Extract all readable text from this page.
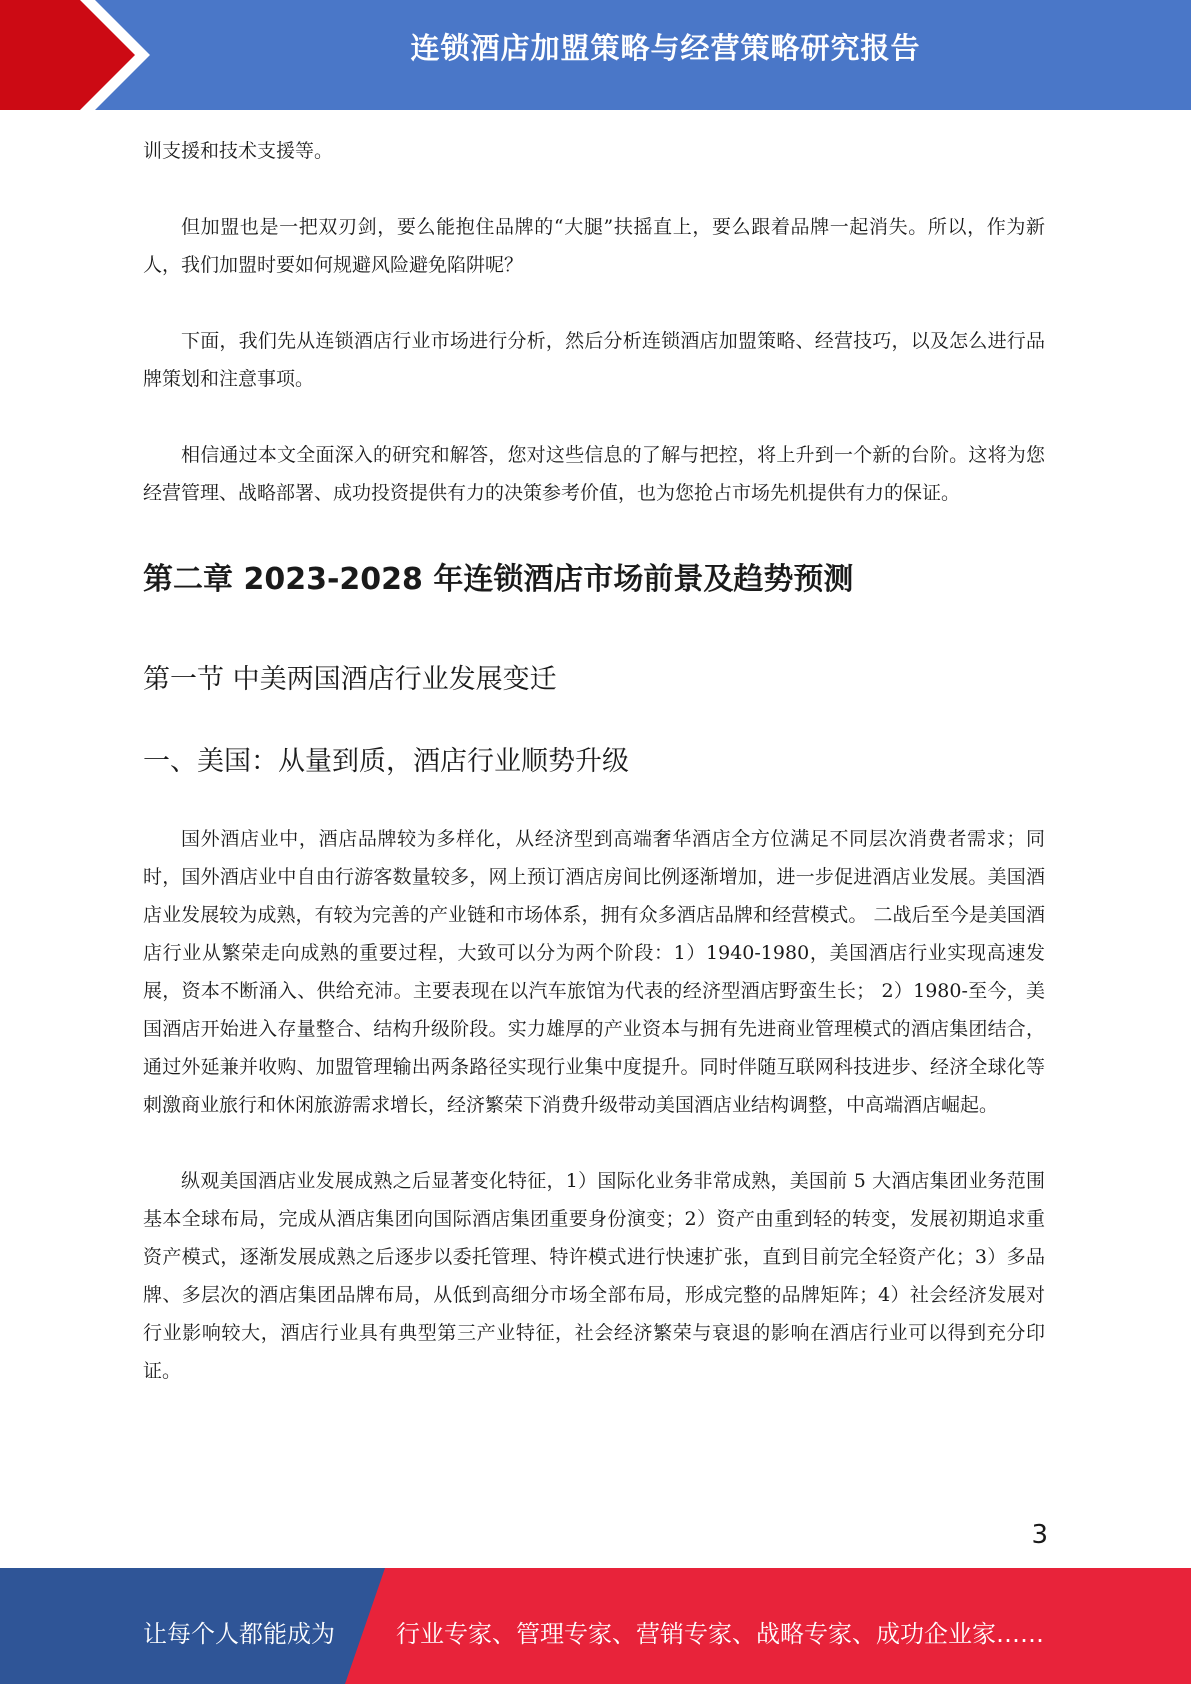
连锁酒店加盟策略与经营策略研究报告

训支援和技术支援等。

但加盟也是一把双刃剑，要么能抱住品牌的“大腿”扶摇直上，要么跟着品牌一起消失。所以，作为新人，我们加盟时要如何规避风险避免陷阱呢？

下面，我们先从连锁酒店行业市场进行分析，然后分析连锁酒店加盟策略、经营技巧，以及怎么进行品牌策划和注意事项。

相信通过本文全面深入的研究和解答，您对这些信息的了解与把控，将上升到一个新的台阶。这将为您经营管理、战略部署、成功投资提供有力的决策参考价值，也为您抢占市场先机提供有力的保证。

第二章 2023-2028 年连锁酒店市场前景及趋势预测
第一节 中美两国酒店行业发展变迁
一、美国：从量到质，酒店行业顺势升级

国外酒店业中，酒店品牌较为多样化，从经济型到高端奢华酒店全方位满足不同层次消费者需求；同时，国外酒店业中自由行游客数量较多，网上预订酒店房间比例逐渐增加，进一步促进酒店业发展。美国酒店业发展较为成熟，有较为完善的产业链和市场体系，拥有众多酒店品牌和经营模式。 二战后至今是美国酒店行业从繁荣走向成熟的重要过程，大致可以分为两个阶段：1）1940-1980，美国酒店行业实现高速发展，资本不断涌入、供给充沛。主要表现在以汽车旅馆为代表的经济型酒店野蛮生长； 2）1980-至今，美国酒店开始进入存量整合、结构升级阶段。实力雄厚的产业资本与拥有先进商业管理模式的酒店集团结合，通过外延兼并收购、加盟管理输出两条路径实现行业集中度提升。同时伴随互联网科技进步、经济全球化等刺激商业旅行和休闲旅游需求增长，经济繁荣下消费升级带动美国酒店业结构调整，中高端酒店崛起。

纵观美国酒店业发展成熟之后显著变化特征，1）国际化业务非常成熟，美国前 5 大酒店集团业务范围基本全球布局，完成从酒店集团向国际酒店集团重要身份演变；2）资产由重到轻的转变，发展初期追求重资产模式，逐渐发展成熟之后逐步以委托管理、特许模式进行快速扩张，直到目前完全轻资产化；3）多品牌、多层次的酒店集团品牌布局，从低到高细分市场全部布局，形成完整的品牌矩阵；4）社会经济发展对行业影响较大，酒店行业具有典型第三产业特征，社会经济繁荣与衰退的影响在酒店行业可以得到充分印证。

3
让每个人都能成为	行业专家、管理专家、营销专家、战略专家、成功企业家……
